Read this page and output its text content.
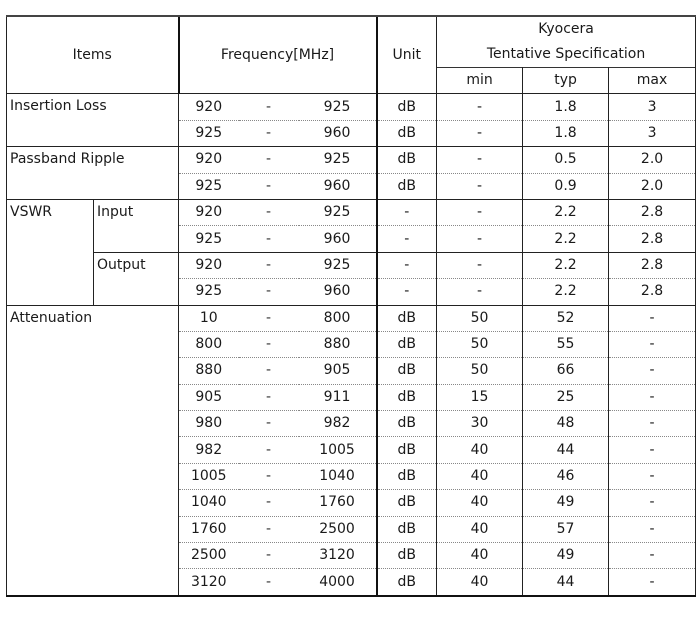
Items		Frequency[MHz]			Unit	Kyocera
Tentative Specification		

						min	typ	max
Insertion Loss		920	-	925	dB	-	1.8	3
		925	-	960	dB	-	1.8	3
Passband Ripple		920	-	925	dB	-	0.5	2.0
		925	-	960	dB	-	0.9	2.0
VSWR	Input	920	-	925	-	-	2.2	2.8
		925	-	960	-	-	2.2	2.8
	Output	920	-	925	-	-	2.2	2.8
		925	-	960	-	-	2.2	2.8
Attenuation		10	-	800	dB	50	52	-
		800	-	880	dB	50	55	-
		880	-	905	dB	50	66	-
		905	-	911	dB	15	25	-
		980	-	982	dB	30	48	-
		982	-	1005	dB	40	44	-
		1005	-	1040	dB	40	46	-
		1040	-	1760	dB	40	49	-
		1760	-	2500	dB	40	57	-
		2500	-	3120	dB	40	49	-
		3120	-	4000	dB	40	44	-
